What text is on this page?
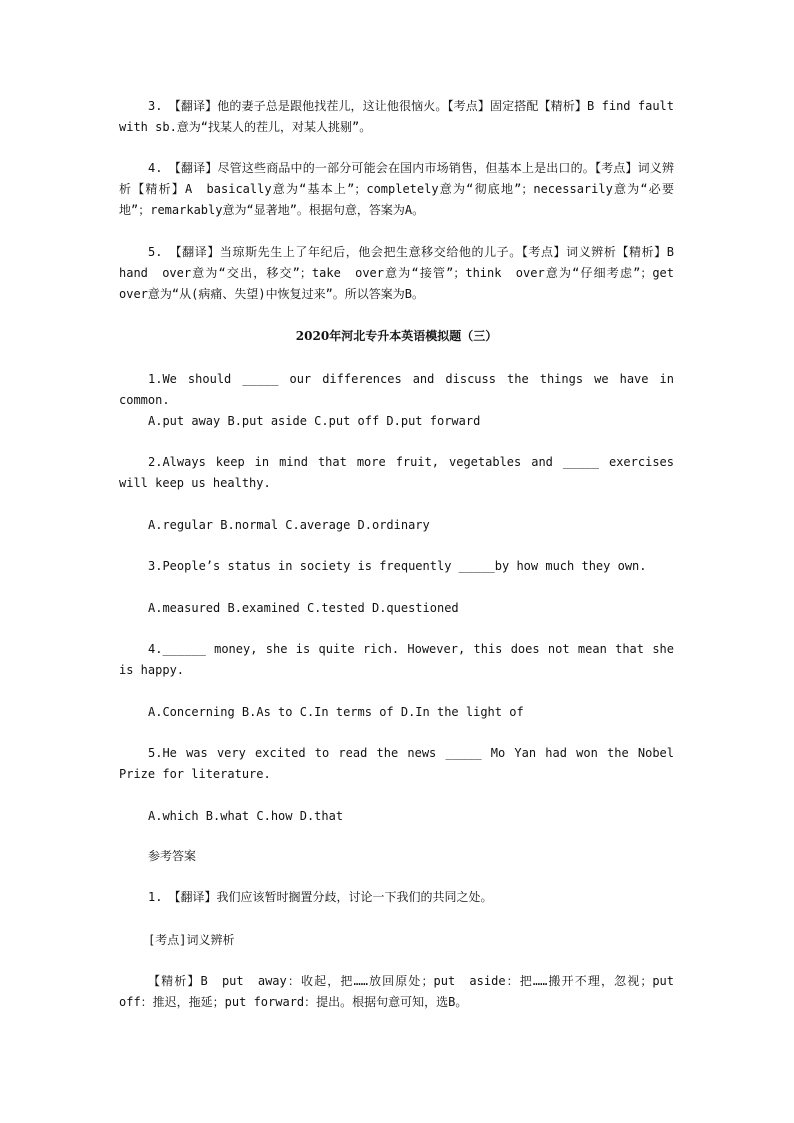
3.　【翻译】他的妻子总是跟他找茬儿，这让他很恼火。【考点】固定搭配【精析】B find fault with sb.意为“找某人的茬儿，对某人挑剔”。
4.　【翻译】尽管这些商品中的一部分可能会在国内市场销售，但基本上是出口的。【考点】词义辨析【精析】A　basically意为“基本上”；completely意为“彻底地”；necessarily意为“必要地”；remarkably意为“显著地”。根据句意，答案为A。
5.　【翻译】当琼斯先生上了年纪后，他会把生意移交给他的儿子。【考点】词义辨析【精析】B　hand　over意为“交出，移交”；take　over意为“接管”；think　over意为“仔细考虑”；get over意为“从(病痛、失望)中恢复过来”。所以答案为B。
2020年河北专升本英语模拟题（三）
1.We should _____ our differences and discuss the things we have in common.
A.put away B.put aside C.put off D.put forward
2.Always keep in mind that more fruit, vegetables and _____ exercises will keep us healthy.
A.regular B.normal C.average D.ordinary
3.People’s status in society is frequently _____by how much they own.
A.measured B.examined C.tested D.questioned
4.______ money, she is quite rich. However, this does not mean that she is happy.
A.Concerning B.As to C.In terms of D.In the light of
5.He was very excited to read the news _____ Mo Yan had won the Nobel Prize for literature.
A.which B.what C.how D.that
参考答案
1.　【翻译】我们应该暂时搁置分歧，讨论一下我们的共同之处。
[考点]词义辨析
【精析】B　put　away：收起，把……放回原处；put　aside：把……搬开不理，忽视；put off：推迟，拖延；put forward：提出。根据句意可知，选B。
